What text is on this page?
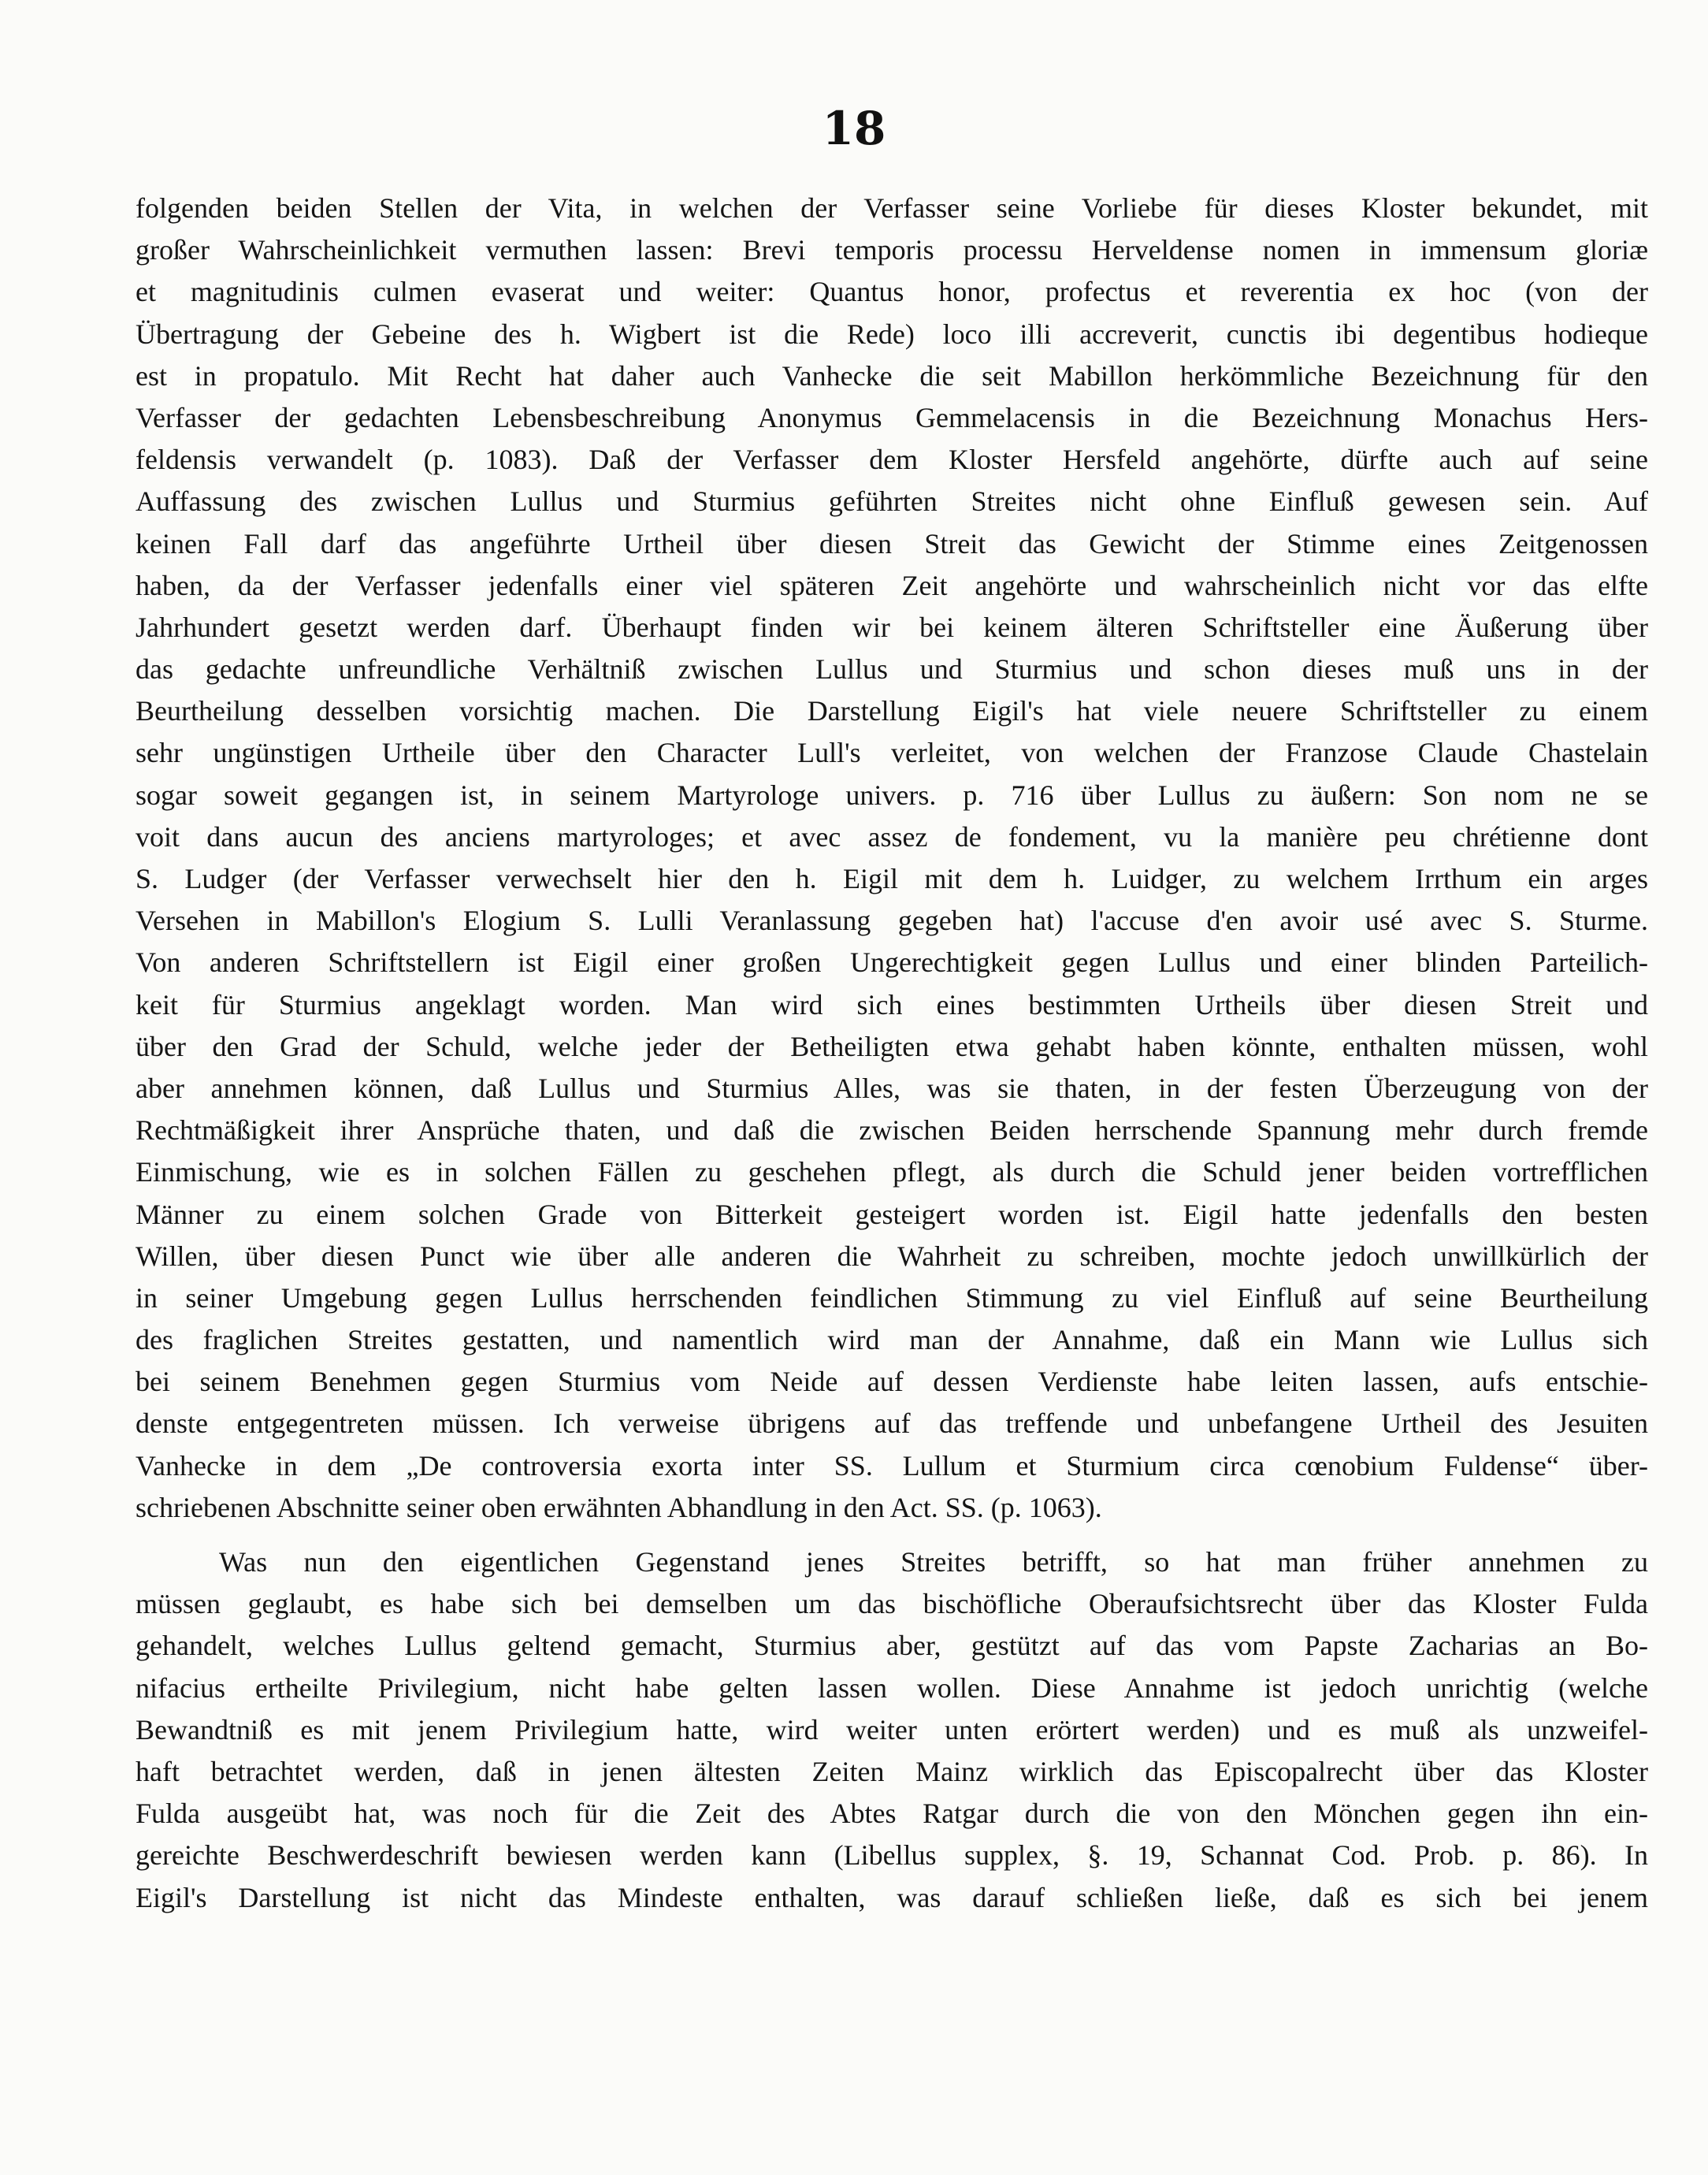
18
folgenden beiden Stellen der Vita, in welchen der Verfasser seine Vorliebe für dieses Kloster bekundet, mit
großer Wahrscheinlichkeit vermuthen lassen: Brevi temporis processu Herveldense nomen in immensum gloriæ
et magnitudinis culmen evaserat und weiter: Quantus honor, profectus et reverentia ex hoc (von der
Übertragung der Gebeine des h. Wigbert ist die Rede) loco illi accreverit, cunctis ibi degentibus hodieque
est in propatulo. Mit Recht hat daher auch Vanhecke die seit Mabillon herkömmliche Bezeichnung für den
Verfasser der gedachten Lebensbeschreibung Anonymus Gemmelacensis in die Bezeichnung Monachus Hers-
feldensis verwandelt (p. 1083). Daß der Verfasser dem Kloster Hersfeld angehörte, dürfte auch auf seine
Auffassung des zwischen Lullus und Sturmius geführten Streites nicht ohne Einfluß gewesen sein. Auf
keinen Fall darf das angeführte Urtheil über diesen Streit das Gewicht der Stimme eines Zeitgenossen
haben, da der Verfasser jedenfalls einer viel späteren Zeit angehörte und wahrscheinlich nicht vor das elfte
Jahrhundert gesetzt werden darf. Überhaupt finden wir bei keinem älteren Schriftsteller eine Äußerung über
das gedachte unfreundliche Verhältniß zwischen Lullus und Sturmius und schon dieses muß uns in der
Beurtheilung desselben vorsichtig machen. Die Darstellung Eigil's hat viele neuere Schriftsteller zu einem
sehr ungünstigen Urtheile über den Character Lull's verleitet, von welchen der Franzose Claude Chastelain
sogar soweit gegangen ist, in seinem Martyrologe univers. p. 716 über Lullus zu äußern: Son nom ne se
voit dans aucun des anciens martyrologes; et avec assez de fondement, vu la manière peu chrétienne dont
S. Ludger (der Verfasser verwechselt hier den h. Eigil mit dem h. Luidger, zu welchem Irrthum ein arges
Versehen in Mabillon's Elogium S. Lulli Veranlassung gegeben hat) l'accuse d'en avoir usé avec S. Sturme.
Von anderen Schriftstellern ist Eigil einer großen Ungerechtigkeit gegen Lullus und einer blinden Parteilich-
keit für Sturmius angeklagt worden. Man wird sich eines bestimmten Urtheils über diesen Streit und
über den Grad der Schuld, welche jeder der Betheiligten etwa gehabt haben könnte, enthalten müssen, wohl
aber annehmen können, daß Lullus und Sturmius Alles, was sie thaten, in der festen Überzeugung von der
Rechtmäßigkeit ihrer Ansprüche thaten, und daß die zwischen Beiden herrschende Spannung mehr durch fremde
Einmischung, wie es in solchen Fällen zu geschehen pflegt, als durch die Schuld jener beiden vortrefflichen
Männer zu einem solchen Grade von Bitterkeit gesteigert worden ist. Eigil hatte jedenfalls den besten
Willen, über diesen Punct wie über alle anderen die Wahrheit zu schreiben, mochte jedoch unwillkürlich der
in seiner Umgebung gegen Lullus herrschenden feindlichen Stimmung zu viel Einfluß auf seine Beurtheilung
des fraglichen Streites gestatten, und namentlich wird man der Annahme, daß ein Mann wie Lullus sich
bei seinem Benehmen gegen Sturmius vom Neide auf dessen Verdienste habe leiten lassen, aufs entschie-
denste entgegentreten müssen. Ich verweise übrigens auf das treffende und unbefangene Urtheil des Jesuiten
Vanhecke in dem „De controversia exorta inter SS. Lullum et Sturmium circa cœnobium Fuldense“ über-
schriebenen Abschnitte seiner oben erwähnten Abhandlung in den Act. SS. (p. 1063).
Was nun den eigentlichen Gegenstand jenes Streites betrifft, so hat man früher annehmen zu
müssen geglaubt, es habe sich bei demselben um das bischöfliche Oberaufsichtsrecht über das Kloster Fulda
gehandelt, welches Lullus geltend gemacht, Sturmius aber, gestützt auf das vom Papste Zacharias an Bo-
nifacius ertheilte Privilegium, nicht habe gelten lassen wollen. Diese Annahme ist jedoch unrichtig (welche
Bewandtniß es mit jenem Privilegium hatte, wird weiter unten erörtert werden) und es muß als unzweifel-
haft betrachtet werden, daß in jenen ältesten Zeiten Mainz wirklich das Episcopalrecht über das Kloster
Fulda ausgeübt hat, was noch für die Zeit des Abtes Ratgar durch die von den Mönchen gegen ihn ein-
gereichte Beschwerdeschrift bewiesen werden kann (Libellus supplex, §. 19, Schannat Cod. Prob. p. 86). In
Eigil's Darstellung ist nicht das Mindeste enthalten, was darauf schließen ließe, daß es sich bei jenem
